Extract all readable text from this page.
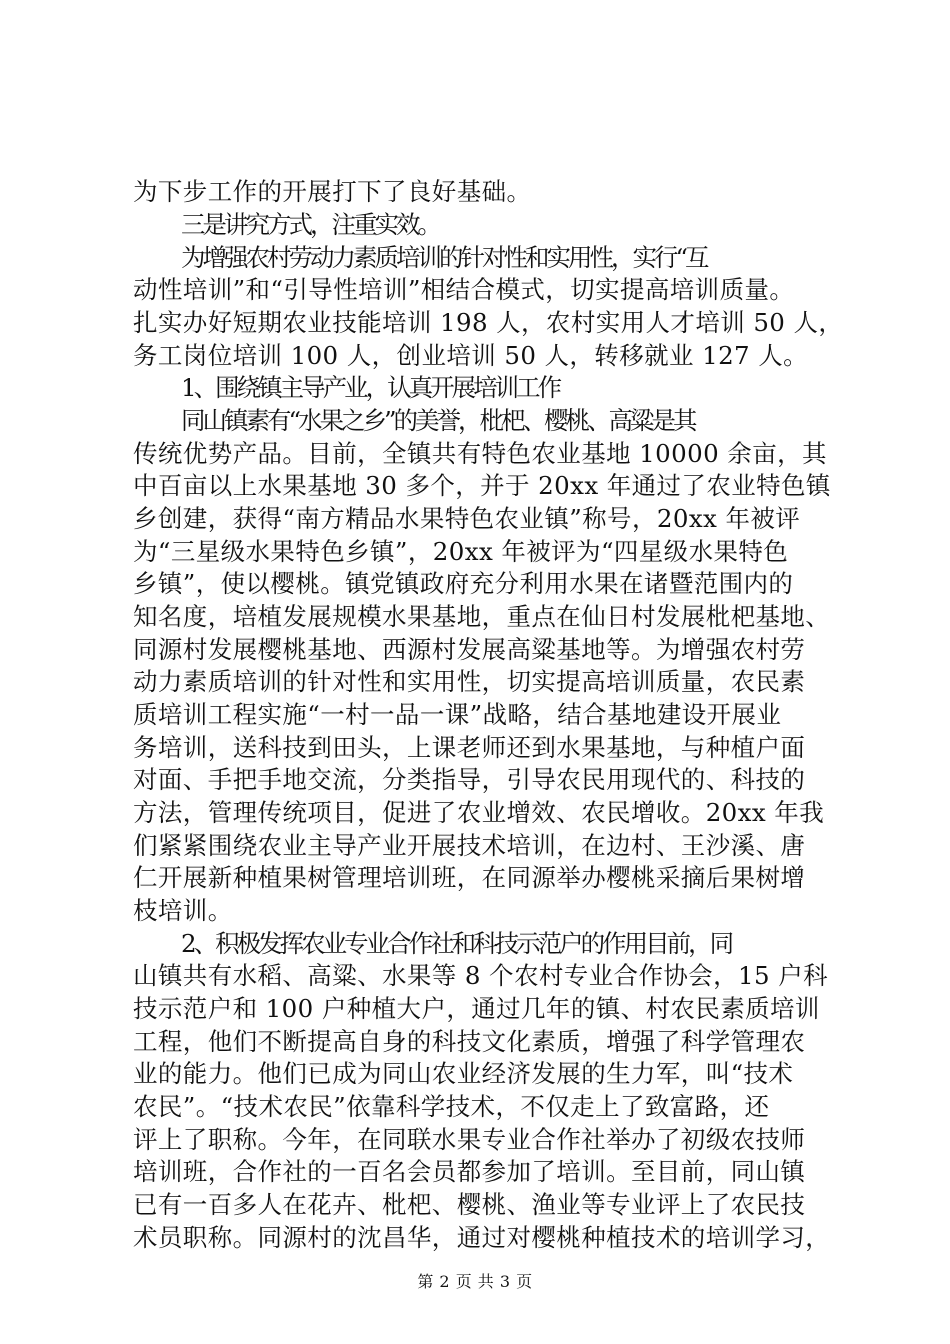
为下步工作的开展打下了良好基础。
三是讲究方式，注重实效。
为增强农村劳动力素质培训的针对性和实用性，实行“互
动性培训”和“引导性培训”相结合模式，切实提高培训质量。
扎实办好短期农业技能培训 198 人，农村实用人才培训 50 人，
务工岗位培训 100 人，创业培训 50 人，转移就业 127 人。
1、围绕镇主导产业，认真开展培训工作
同山镇素有“水果之乡”的美誉，枇杷、樱桃、高粱是其
传统优势产品。目前，全镇共有特色农业基地 10000 余亩，其
中百亩以上水果基地 30 多个，并于 20xx 年通过了农业特色镇
乡创建，获得“南方精品水果特色农业镇”称号，20xx 年被评
为“三星级水果特色乡镇”，20xx 年被评为“四星级水果特色
乡镇”，使以樱桃。镇党镇政府充分利用水果在诸暨范围内的
知名度，培植发展规模水果基地，重点在仙日村发展枇杷基地、
同源村发展樱桃基地、西源村发展高粱基地等。为增强农村劳
动力素质培训的针对性和实用性，切实提高培训质量，农民素
质培训工程实施“一村一品一课”战略，结合基地建设开展业
务培训，送科技到田头，上课老师还到水果基地，与种植户面
对面、手把手地交流，分类指导，引导农民用现代的、科技的
方法，管理传统项目，促进了农业增效、农民增收。20xx 年我
们紧紧围绕农业主导产业开展技术培训，在边村、王沙溪、唐
仁开展新种植果树管理培训班，在同源举办樱桃采摘后果树增
枝培训。
2、积极发挥农业专业合作社和科技示范户的作用目前，同
山镇共有水稻、高粱、水果等 8 个农村专业合作协会，15 户科
技示范户和 100 户种植大户，通过几年的镇、村农民素质培训
工程，他们不断提高自身的科技文化素质，增强了科学管理农
业的能力。他们已成为同山农业经济发展的生力军，叫“技术
农民”。“技术农民”依靠科学技术，不仅走上了致富路，还
评上了职称。今年，在同联水果专业合作社举办了初级农技师
培训班，合作社的一百名会员都参加了培训。至目前，同山镇
已有一百多人在花卉、枇杷、樱桃、渔业等专业评上了农民技
术员职称。同源村的沈昌华，通过对樱桃种植技术的培训学习，
第 2 页 共 3 页
